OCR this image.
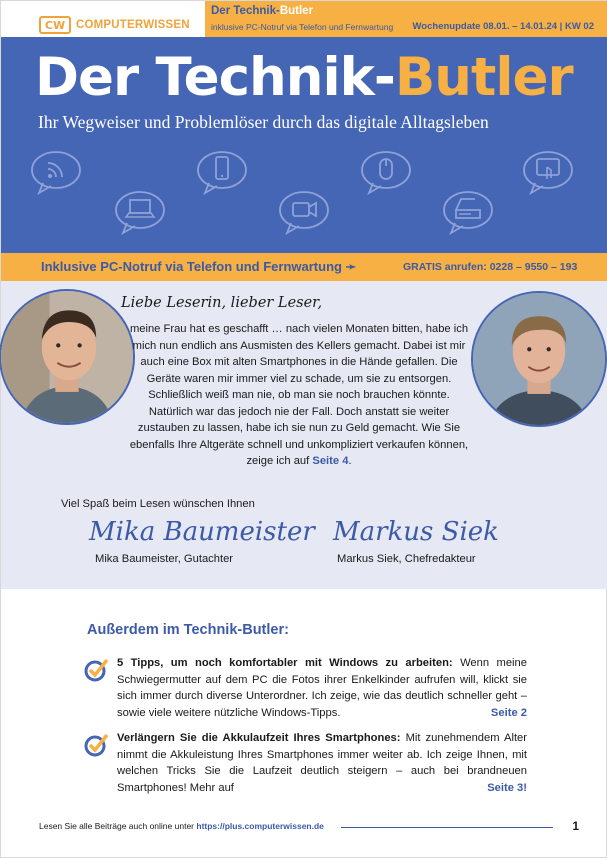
CW COMPUTERWISSEN
Der Technik-Butler
inklusive PC-Notruf via Telefon und Fernwartung Wochenupdate 08.01. – 14.01.24 | KW 02
Der Technik-Butler
Ihr Wegweiser und Problemlöser durch das digitale Alltagsleben
Inklusive PC-Notruf via Telefon und Fernwartung ➛	GRATIS anrufen: 0228 – 9550 – 193
Liebe Leserin, lieber Leser,
meine Frau hat es geschafft … nach vielen Monaten bitten, habe ich mich nun endlich ans Ausmisten des Kellers gemacht. Dabei ist mir auch eine Box mit alten Smartphones in die Hände gefallen. Die Geräte waren mir immer viel zu schade, um sie zu entsorgen. Schließlich weiß man nie, ob man sie noch brauchen könnte. Natürlich war das jedoch nie der Fall. Doch anstatt sie weiter zustauben zu lassen, habe ich sie nun zu Geld gemacht. Wie Sie ebenfalls Ihre Altgeräte schnell und unkompliziert verkaufen können, zeige ich auf Seite 4.
Viel Spaß beim Lesen wünschen Ihnen
Mika Baumeister
Mika Baumeister, Gutachter
Markus Siek
Markus Siek, Chefredakteur
Außerdem im Technik-Butler:
5 Tipps, um noch komfortabler mit Windows zu arbeiten: Wenn meine Schwiegermutter auf dem PC die Fotos ihrer Enkelkinder aufrufen will, klickt sie sich immer durch diverse Unterordner. Ich zeige, wie das deutlich schneller geht – sowie viele weitere nützliche Windows-Tipps.	Seite 2
Verlängern Sie die Akkulaufzeit Ihres Smartphones: Mit zunehmendem Alter nimmt die Akkuleistung Ihres Smartphones immer weiter ab. Ich zeige Ihnen, mit welchen Tricks Sie die Laufzeit deutlich steigern – auch bei brandneuen Smartphones! Mehr auf	Seite 3!
Lesen Sie alle Beiträge auch online unter https://plus.computerwissen.de	1
